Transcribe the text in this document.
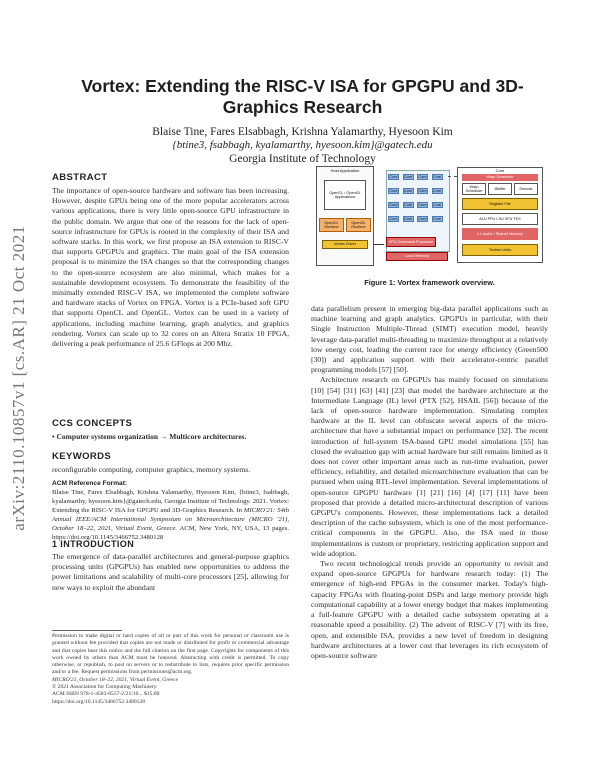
arXiv:2110.10857v1 [cs.AR] 21 Oct 2021
Vortex: Extending the RISC-V ISA for GPGPU and 3D-Graphics Research
Blaise Tine, Fares Elsabbagh, Krishna Yalamarthy, Hyesoon Kim
{btine3, fsabbagh, kyalamarthy, hyesoon.kim}@gatech.edu
Georgia Institute of Technology
ABSTRACT
The importance of open-source hardware and software has been increasing. However, despite GPUs being one of the more popular accelerators across various applications, there is very little open-source GPU infrastructure in the public domain. We argue that one of the reasons for the lack of open-source infrastructure for GPUs is rooted in the complexity of their ISA and software stacks. In this work, we first propose an ISA extension to RISC-V that supports GPGPUs and graphics. The main goal of the ISA extension proposal is to minimize the ISA changes so that the corresponding changes to the open-source ecosystem are also minimal, which makes for a sustainable development ecosystem. To demonstrate the feasibility of the minimally extended RISC-V ISA, we implemented the complete software and hardware stacks of Vortex on FPGA. Vortex is a PCIe-based soft GPU that supports OpenCL and OpenGL. Vortex can be used in a variety of applications, including machine learning, graph analytics, and graphics rendering. Vortex can scale up to 32 cores on an Altera Stratix 10 FPGA, delivering a peak performance of 25.6 GFlops at 200 Mhz.
CCS CONCEPTS
• Computer systems organization → Multicore architectures.
KEYWORDS
reconfigurable computing, computer graphics, memory systems.
ACM Reference Format:
Blaise Tine, Fares Elsabbagh, Krishna Yalamarthy, Hyesoon Kim, {btine3, fsabbagh, kyalamarthy, hyesoon.kim}@gatech.edu, Georgia Institute of Technology. 2021. Vortex: Extending the RISC-V ISA for GPGPU and 3D-Graphics Research. In MICRO'21: 54th Annual IEEE/ACM International Symposium on Microarchitecture (MICRO '21), October 18–22, 2021, Virtual Event, Greece. ACM, New York, NY, USA, 13 pages. https://doi.org/10.1145/3466752.3480128
1 INTRODUCTION
The emergence of data-parallel architectures and general-purpose graphics processing units (GPGPUs) has enabled new opportunities to address the power limitations and scalability of multi-core processors [25], allowing for new ways to exploit the abundant

Permission to make digital or hard copies of all or part of this work for personal or classroom use is granted without fee provided that copies are not made or distributed for profit or commercial advantage and that copies bear this notice and the full citation on the first page. Copyrights for components of this work owned by others than ACM must be honored. Abstracting with credit is permitted. To copy otherwise, or republish, to post on servers or to redistribute to lists, requires prior specific permission and/or a fee. Request permissions from permissions@acm.org.

MICRO'21, October 18–22, 2021, Virtual Event, Greece

© 2021 Association for Computing Machinery.

ACM ISBN 978-1-4503-8557-2/21/10... $15.00

https://doi.org/10.1145/3466752.3480128

Host Application
OpenCL / OpenGL Applications
OpenCL Runtime
OpenGL Runtime
Vortex Driver
Core	Core	Core	Core
Core	Core	Core	Core
Core	Core	Core	Core
Core	Core	Core	Core
AFU Command Processor
Local Memory
Core
Warp Scheduler
Warp Scheduler
IBuffer	Decode
Register File
ALU FPU LSU SFU TEX
L1 cache / Shared Memory
Texture Units
Figure 1: Vortex framework overview.

data parallelism present in emerging big-data parallel applications such as machine learning and graph analytics. GPGPUs in particular, with their Single Instruction Multiple-Thread (SIMT) execution model, heavily leverage data-parallel multi-threading to maximize throughput at a relatively low energy cost, leading the current race for energy efficiency (Green500 [30]) and application support with their accelerator-centric parallel programming models [57] [50].

Architecture research on GPGPUs has mainly focused on simulations [10] [54] [31] [63] [41] [23] that model the hardware architecture at the Intermediate Language (IL) level (PTX [52], HSAIL [56]) because of the lack of open-source hardware implementation. Simulating complex hardware at the IL level can obfuscate several aspects of the micro-architecture that have a substantial impact on performance [32]. The recent introduction of full-system ISA-based GPU model simulations [55] has closed the evaluation gap with actual hardware but still remains limited as it does not cover other important areas such as run-time evaluation, power efficiency, reliability, and detailed microarchitecture evaluation that can be pursued when using RTL-level implementation. Several implementations of open-source GPGPU hardware [1] [21] [16] [4] [17] [11] have been proposed that provide a detailed micro-architectural description of various GPGPU's components. However, these implementations lack a detailed description of the cache subsystem, which is one of the most performance-critical components in the GPGPU. Also, the ISA used in those implementations is custom or proprietary, restricting application support and wide adoption.

Two recent technological trends provide an opportunity to revisit and expand open-source GPGPUs for hardware research today: (1) The emergence of high-end FPGAs in the consumer market. Today's high-capacity FPGAs with floating-point DSPs and large memory provide high computational capability at a lower energy budget that makes implementing a full-feature GPGPU with a detailed cache subsystem operating at a reasonable speed a possibility. (2) The advent of RISC-V [7] with its free, open, and extensible ISA, provides a new level of freedom in designing hardware architectures at a lower cost that leverages its rich ecosystem of open-source software
